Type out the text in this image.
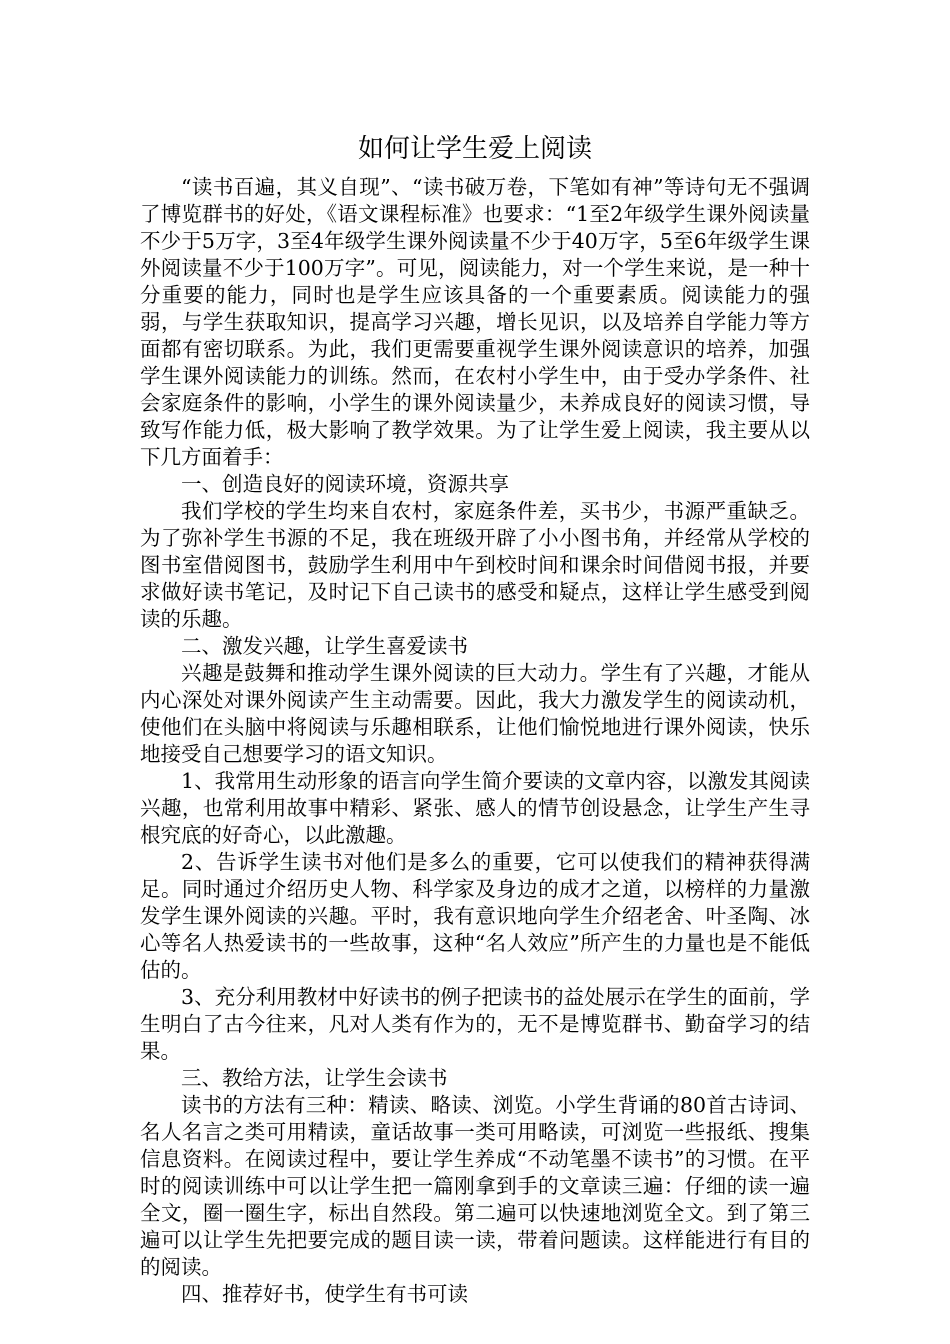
如何让学生爱上阅读

“读书百遍，其义自现”、“读书破万卷，下笔如有神”等诗句无不强调了博览群书的好处，《语文课程标准》也要求：“1至2年级学生课外阅读量不少于5万字，3至4年级学生课外阅读量不少于40万字，5至6年级学生课外阅读量不少于100万字”。可见，阅读能力，对一个学生来说，是一种十分重要的能力，同时也是学生应该具备的一个重要素质。阅读能力的强弱，与学生获取知识，提高学习兴趣，增长见识，以及培养自学能力等方面都有密切联系。为此，我们更需要重视学生课外阅读意识的培养，加强学生课外阅读能力的训练。然而，在农村小学生中，由于受办学条件、社会家庭条件的影响，小学生的课外阅读量少，未养成良好的阅读习惯，导致写作能力低，极大影响了教学效果。为了让学生爱上阅读，我主要从以下几方面着手：

一、创造良好的阅读环境，资源共享

我们学校的学生均来自农村，家庭条件差，买书少，书源严重缺乏。为了弥补学生书源的不足，我在班级开辟了小小图书角，并经常从学校的图书室借阅图书，鼓励学生利用中午到校时间和课余时间借阅书报，并要求做好读书笔记，及时记下自己读书的感受和疑点，这样让学生感受到阅读的乐趣。

二、激发兴趣，让学生喜爱读书

兴趣是鼓舞和推动学生课外阅读的巨大动力。学生有了兴趣，才能从内心深处对课外阅读产生主动需要。因此，我大力激发学生的阅读动机，使他们在头脑中将阅读与乐趣相联系，让他们愉悦地进行课外阅读，快乐地接受自己想要学习的语文知识。

1、我常用生动形象的语言向学生简介要读的文章内容，以激发其阅读兴趣，也常利用故事中精彩、紧张、感人的情节创设悬念，让学生产生寻根究底的好奇心，以此激趣。

2、告诉学生读书对他们是多么的重要，它可以使我们的精神获得满足。同时通过介绍历史人物、科学家及身边的成才之道，以榜样的力量激发学生课外阅读的兴趣。平时，我有意识地向学生介绍老舍、叶圣陶、冰心等名人热爱读书的一些故事，这种“名人效应”所产生的力量也是不能低估的。

3、充分利用教材中好读书的例子把读书的益处展示在学生的面前，学生明白了古今往来，凡对人类有作为的，无不是博览群书、勤奋学习的结果。

三、教给方法，让学生会读书

读书的方法有三种：精读、略读、浏览。小学生背诵的80首古诗词、名人名言之类可用精读，童话故事一类可用略读，可浏览一些报纸、搜集信息资料。在阅读过程中，要让学生养成“不动笔墨不读书”的习惯。在平时的阅读训练中可以让学生把一篇刚拿到手的文章读三遍：仔细的读一遍全文，圈一圈生字，标出自然段。第二遍可以快速地浏览全文。到了第三遍可以让学生先把要完成的题目读一读，带着问题读。这样能进行有目的的阅读。

四、推荐好书，使学生有书可读
